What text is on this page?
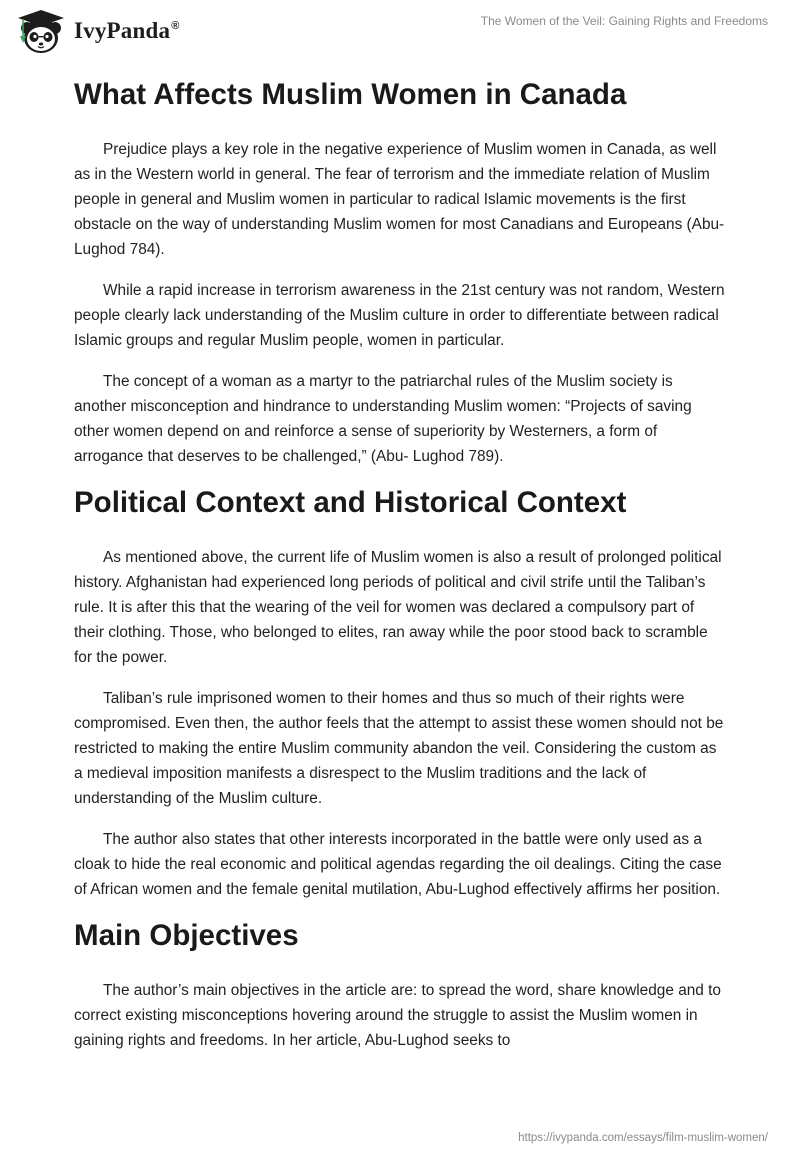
IvyPanda®	The Women of the Veil: Gaining Rights and Freedoms
What Affects Muslim Women in Canada

Prejudice plays a key role in the negative experience of Muslim women in Canada, as well as in the Western world in general. The fear of terrorism and the immediate relation of Muslim people in general and Muslim women in particular to radical Islamic movements is the first obstacle on the way of understanding Muslim women for most Canadians and Europeans (Abu- Lughod 784).

While a rapid increase in terrorism awareness in the 21st century was not random, Western people clearly lack understanding of the Muslim culture in order to differentiate between radical Islamic groups and regular Muslim people, women in particular.

The concept of a woman as a martyr to the patriarchal rules of the Muslim society is another misconception and hindrance to understanding Muslim women: “Projects of saving other women depend on and reinforce a sense of superiority by Westerners, a form of arrogance that deserves to be challenged,” (Abu- Lughod 789).

Political Context and Historical Context

As mentioned above, the current life of Muslim women is also a result of prolonged political history. Afghanistan had experienced long periods of political and civil strife until the Taliban’s rule. It is after this that the wearing of the veil for women was declared a compulsory part of their clothing. Those, who belonged to elites, ran away while the poor stood back to scramble for the power.

Taliban’s rule imprisoned women to their homes and thus so much of their rights were compromised. Even then, the author feels that the attempt to assist these women should not be restricted to making the entire Muslim community abandon the veil. Considering the custom as a medieval imposition manifests a disrespect to the Muslim traditions and the lack of understanding of the Muslim culture.

The author also states that other interests incorporated in the battle were only used as a cloak to hide the real economic and political agendas regarding the oil dealings. Citing the case of African women and the female genital mutilation, Abu-Lughod effectively affirms her position.

Main Objectives

The author’s main objectives in the article are: to spread the word, share knowledge and to correct existing misconceptions hovering around the struggle to assist the Muslim women in gaining rights and freedoms. In her article, Abu-Lughod seeks to

https://ivypanda.com/essays/film-muslim-women/
